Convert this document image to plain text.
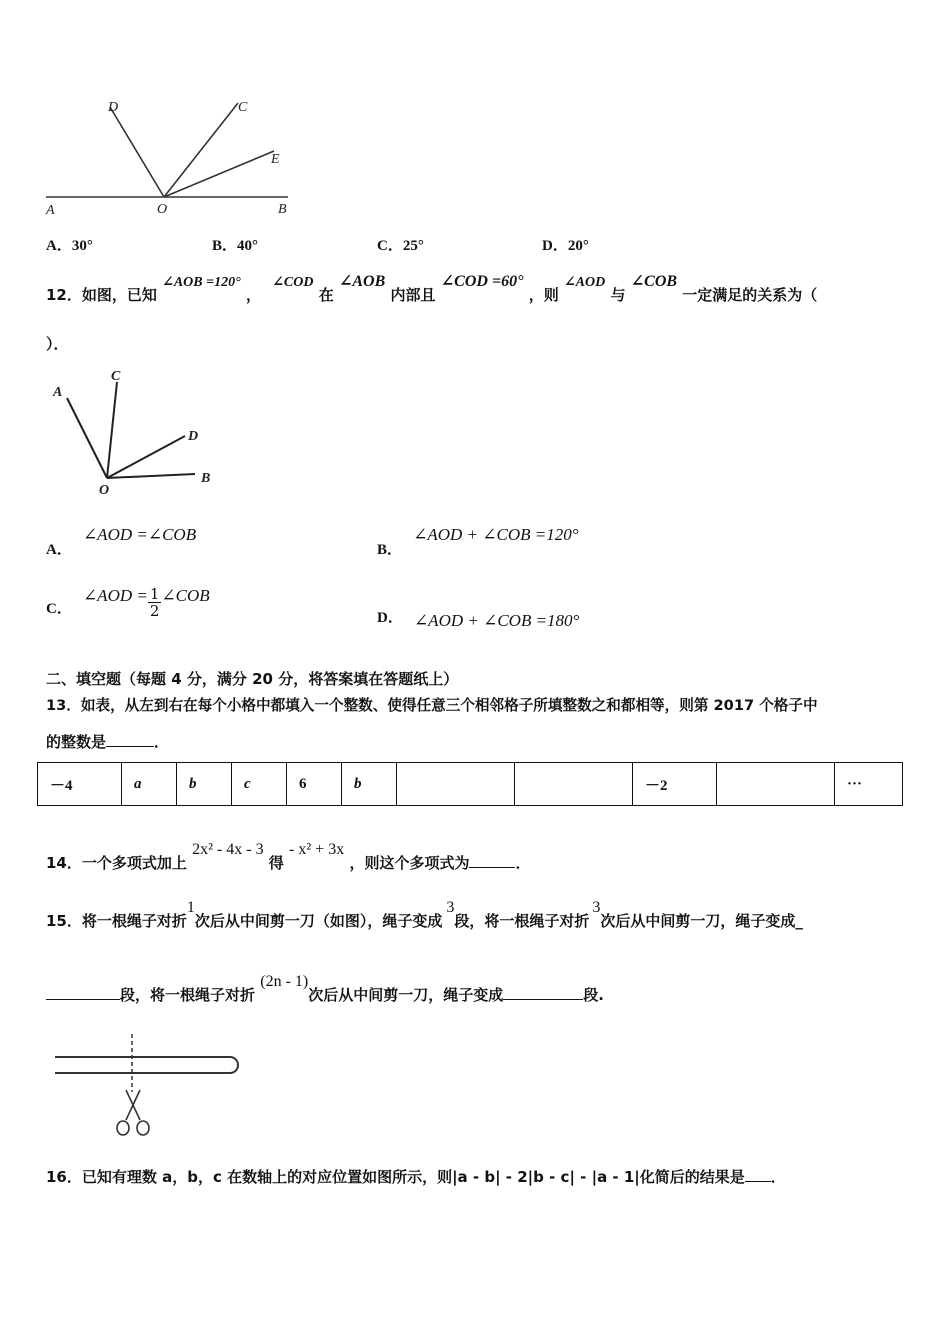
D	C
E
A	O	B
A．30°	B．40°	C．25°	D．20°
12．如图，已知 ∠AOB =120° ， ∠COD 在 ∠AOB 内部且 ∠COD =60° ，则 ∠AOD 与 ∠COB 一定满足的关系为（
）．
A
C
D
O
B
A． ∠AOD =∠COB
B． ∠AOD + ∠COB =120°
C． ∠AOD = $\frac{1}{2}$ ∠COB
D． ∠AOD + ∠COB =180°
二、填空题（每题 4 分，满分 20 分，将答案填在答题纸上）
13．如表，从左到右在每个小格中都填入一个整数、使得任意三个相邻格子所填整数之和都相等，则第 2017 个格子中
的整数是	．
－4	a	b	c	6	b			－2		···
14．一个多项式加上 2x² - 4x - 3 得 - x² + 3x ，则这个多项式为	．
15．将一根绳子对折1次后从中间剪一刀（如图），绳子变成3段，将一根绳子对折3次后从中间剪一刀，绳子变成_
段，将一根绳子对折 (2n - 1)次后从中间剪一刀，绳子变成	段.
16．已知有理数 a，b，c 在数轴上的对应位置如图所示，则|a - b| - 2|b - c| - |a - 1|化简后的结果是 ．
